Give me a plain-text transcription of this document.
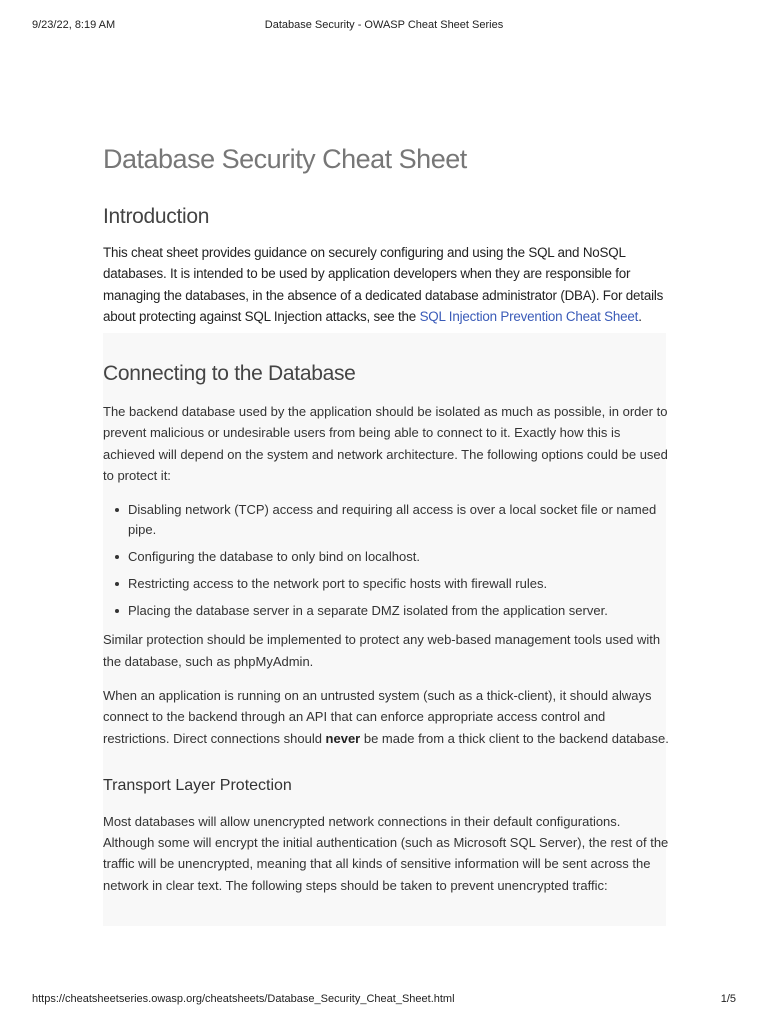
9/23/22, 8:19 AM	Database Security - OWASP Cheat Sheet Series
Database Security Cheat Sheet
Introduction

This cheat sheet provides guidance on securely configuring and using the SQL and NoSQL databases. It is intended to be used by application developers when they are responsible for managing the databases, in the absence of a dedicated database administrator (DBA). For details about protecting against SQL Injection attacks, see the SQL Injection Prevention Cheat Sheet.

Connecting to the Database

The backend database used by the application should be isolated as much as possible, in order to prevent malicious or undesirable users from being able to connect to it. Exactly how this is achieved will depend on the system and network architecture. The following options could be used to protect it:

Disabling network (TCP) access and requiring all access is over a local socket file or named pipe.
Configuring the database to only bind on localhost.
Restricting access to the network port to specific hosts with firewall rules.
Placing the database server in a separate DMZ isolated from the application server.

Similar protection should be implemented to protect any web-based management tools used with the database, such as phpMyAdmin.

When an application is running on an untrusted system (such as a thick-client), it should always connect to the backend through an API that can enforce appropriate access control and restrictions. Direct connections should never be made from a thick client to the backend database.

Transport Layer Protection

Most databases will allow unencrypted network connections in their default configurations. Although some will encrypt the initial authentication (such as Microsoft SQL Server), the rest of the traffic will be unencrypted, meaning that all kinds of sensitive information will be sent across the network in clear text. The following steps should be taken to prevent unencrypted traffic:

https://cheatsheetseries.owasp.org/cheatsheets/Database_Security_Cheat_Sheet.html	1/5
